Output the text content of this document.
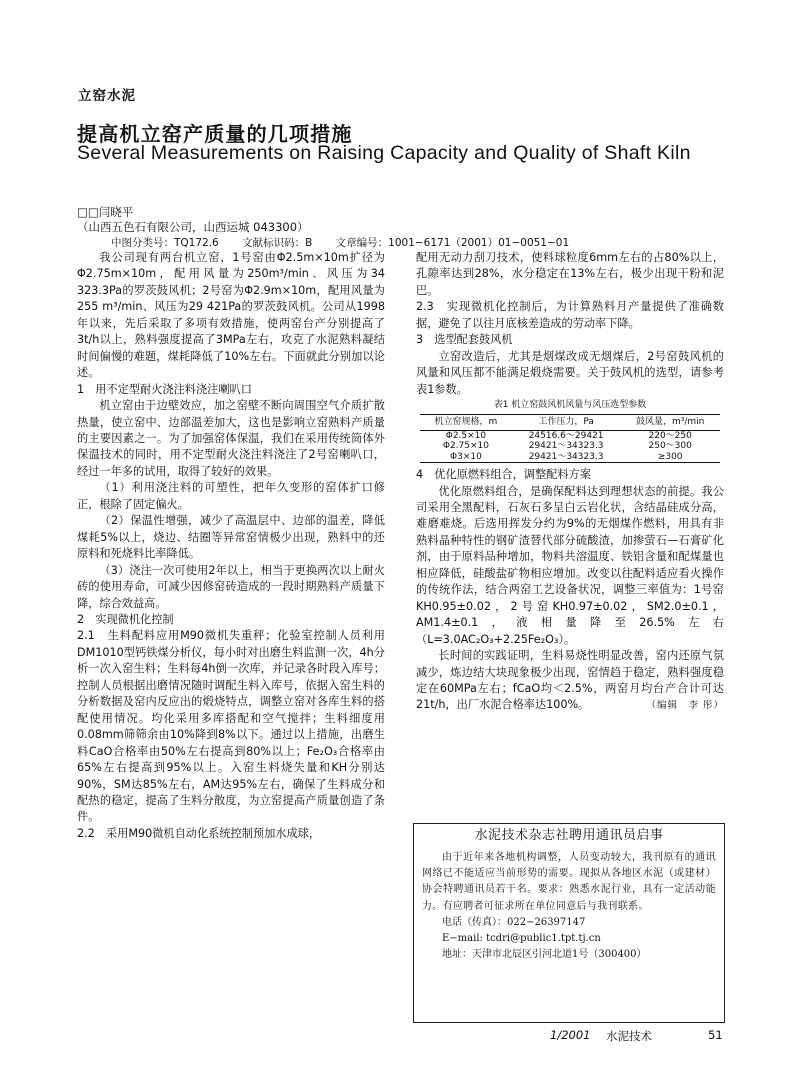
立窑水泥
提高机立窑产质量的几项措施
Several Measurements on Raising Capacity and Quality of Shaft Kiln
□□闫晓平
（山西五色石有限公司，山西运城 043300）
中图分类号：TQ172.6 文献标识码：B 文章编号：1001−6171（2001）01−0051−01

我公司现有两台机立窑，1号窑由Φ2.5m×10m扩径为Φ2.75m×10m，配用风量为250m³/min、风压为34 323.3Pa的罗茨鼓风机；2号窑为Φ2.9m×10m，配用风量为255 m³/min、风压为29 421Pa的罗茨鼓风机。公司从1998年以来，先后采取了多项有效措施，使两窑台产分别提高了3t/h以上，熟料强度提高了3MPa左右，攻克了水泥熟料凝结时间偏慢的难题，煤耗降低了10%左右。下面就此分别加以论述。

1　用不定型耐火浇注料浇注喇叭口

机立窑由于边壁效应，加之窑壁不断向周围空气介质扩散热量，使立窑中、边部温差加大，这也是影响立窑熟料产质量的主要因素之一。为了加强窑体保温，我们在采用传统筒体外保温技术的同时，用不定型耐火浇注料浇注了2号窑喇叭口，经过一年多的试用，取得了较好的效果。

（1）利用浇注料的可塑性，把年久变形的窑体扩口修正，根除了固定偏火。

（2）保温性增强，减少了高温层中、边部的温差，降低煤耗5%以上，烧边、结圈等异常窑情极少出现，熟料中的还原料和死烧料比率降低。

（3）浇注一次可使用2年以上，相当于更换两次以上耐火砖的使用寿命，可减少因修窑砖造成的一段时期熟料产质量下降，综合效益高。

2　实现微机化控制

2.1　生料配料应用M90微机失重秤；化验室控制人员利用DM1010型钙铁煤分析仪，每小时对出磨生料监测一次，4h分析一次入窑生料；生料每4h倒一次库，并记录各时段入库号；控制人员根据出磨情况随时调配生料入库号，依据入窑生料的分析数据及窑内反应出的煅烧特点，调整立窑对各库生料的搭配使用情况。均化采用多库搭配和空气搅拌；生料细度用0.08mm筛筛余由10%降到8%以下。通过以上措施，出磨生料CaO合格率由50%左右提高到80%以上；Fe₂O₃合格率由65%左右提高到95%以上。入窑生料烧失量和KH分别达90%，SM达85%左右，AM达95%左右，确保了生料成分和配热的稳定，提高了生料分散度，为立窑提高产质量创造了条件。

2.2　采用M90微机自动化系统控制预加水成球，

配用无动力刮刀技术，使料球粒度6mm左右的占80%以上，孔隙率达到28%，水分稳定在13%左右，极少出现干粉和泥巴。

2.3　实现微机化控制后，为计算熟料月产量提供了准确数据，避免了以往月底核差造成的劳动率下降。

3　选型配套鼓风机

立窑改造后，尤其是烟煤改成无烟煤后，2号窑鼓风机的风量和风压都不能满足煅烧需要。关于鼓风机的选型，请参考表1参数。

表1 机立窑鼓风机风量与风压选型参数
机立窑规格，m	工作压力，Pa	鼓风量，m³/min
Φ2.5×10	24516.6～29421	220～250
Φ2.75×10	29421～34323.3	250～300
Φ3×10	29421～34323.3	≥300

4　优化原燃料组合，调整配料方案

优化原燃料组合，是确保配料达到理想状态的前提。我公司采用全黑配料，石灰石多呈白云岩化状，含结晶硅成分高，难磨难烧。后选用挥发分约为9%的无烟煤作燃料，用具有非熟料晶种特性的钢矿渣替代部分硫酸渣，加掺萤石—石膏矿化剂，由于原料品种增加，物料共溶温度、铁铝含量和配煤量也相应降低，硅酸盐矿物相应增加。改变以往配料适应看火操作的传统作法，结合两窑工艺设备状况，调整三率值为：1号窑KH0.95±0.02，2号窑KH0.97±0.02，SM2.0±0.1，AM1.4±0.1，液相量降至26.5%左右（L=3.0AC₂O₃+2.25Fe₂O₃）。

长时间的实践证明，生料易烧性明显改善，窑内还原气氛减少，炼边结大块现象极少出现，窑情趋于稳定，熟料强度稳定在60MPa左右；fCaO均＜2.5%，两窑月均台产合计可达21t/h，出厂水泥合格率达100%。	（编辑　李 彤）

水泥技术杂志社聘用通讯员启事
由于近年来各地机构调整，人员变动较大，我刊原有的通讯网络已不能适应当前形势的需要。现拟从各地区水泥（或建材）协会特聘通讯员若干名。要求：熟悉水泥行业，具有一定活动能力。有应聘者可征求所在单位同意后与我刊联系。
电话（传真）：022−26397147
E−mail: tcdri@public1.tpt.tj.cn
地址：天津市北辰区引河北道1号（300400）
1/2001 水泥技术	51
